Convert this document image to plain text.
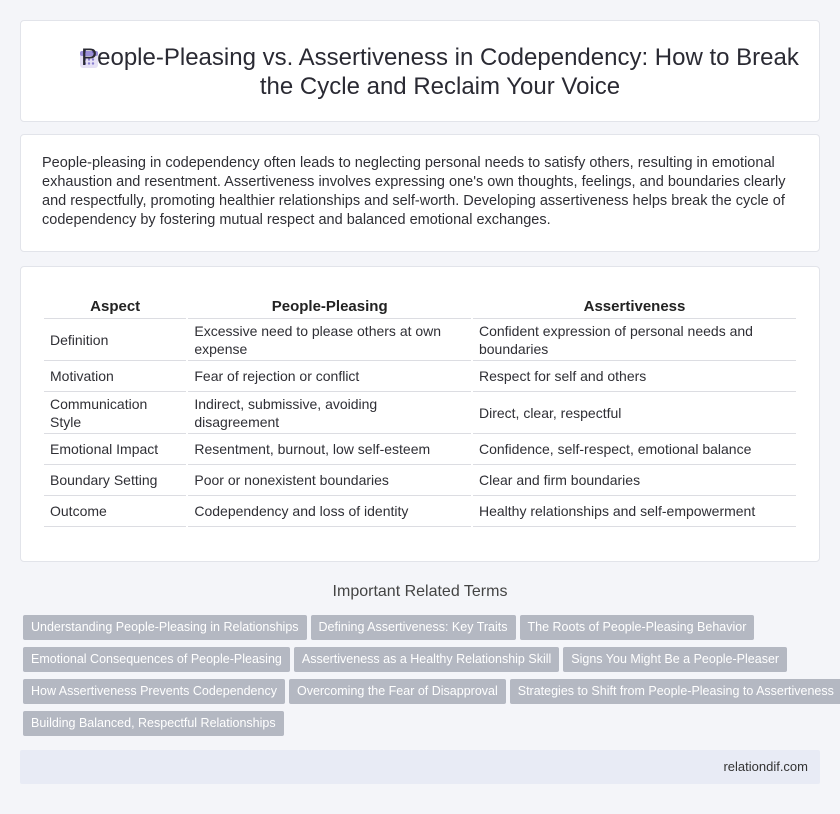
People-Pleasing vs. Assertiveness in Codependency: How to Break the Cycle and Reclaim Your Voice

People-pleasing in codependency often leads to neglecting personal needs to satisfy others, resulting in emotional exhaustion and resentment. Assertiveness involves expressing one's own thoughts, feelings, and boundaries clearly and respectfully, promoting healthier relationships and self-worth. Developing assertiveness helps break the cycle of codependency by fostering mutual respect and balanced emotional exchanges.

Aspect	People-Pleasing	Assertiveness
Definition	Excessive need to please others at own expense	Confident expression of personal needs and boundaries
Motivation	Fear of rejection or conflict	Respect for self and others
Communication Style	Indirect, submissive, avoiding disagreement	Direct, clear, respectful
Emotional Impact	Resentment, burnout, low self-esteem	Confidence, self-respect, emotional balance
Boundary Setting	Poor or nonexistent boundaries	Clear and firm boundaries
Outcome	Codependency and loss of identity	Healthy relationships and self-empowerment
Important Related Terms
Understanding People-Pleasing in Relationships Defining Assertiveness: Key Traits The Roots of People-Pleasing Behavior
Emotional Consequences of People-Pleasing Assertiveness as a Healthy Relationship Skill Signs You Might Be a People-Pleaser
How Assertiveness Prevents Codependency Overcoming the Fear of Disapproval Strategies to Shift from People-Pleasing to Assertiveness
Building Balanced, Respectful Relationships
relationdif.com
